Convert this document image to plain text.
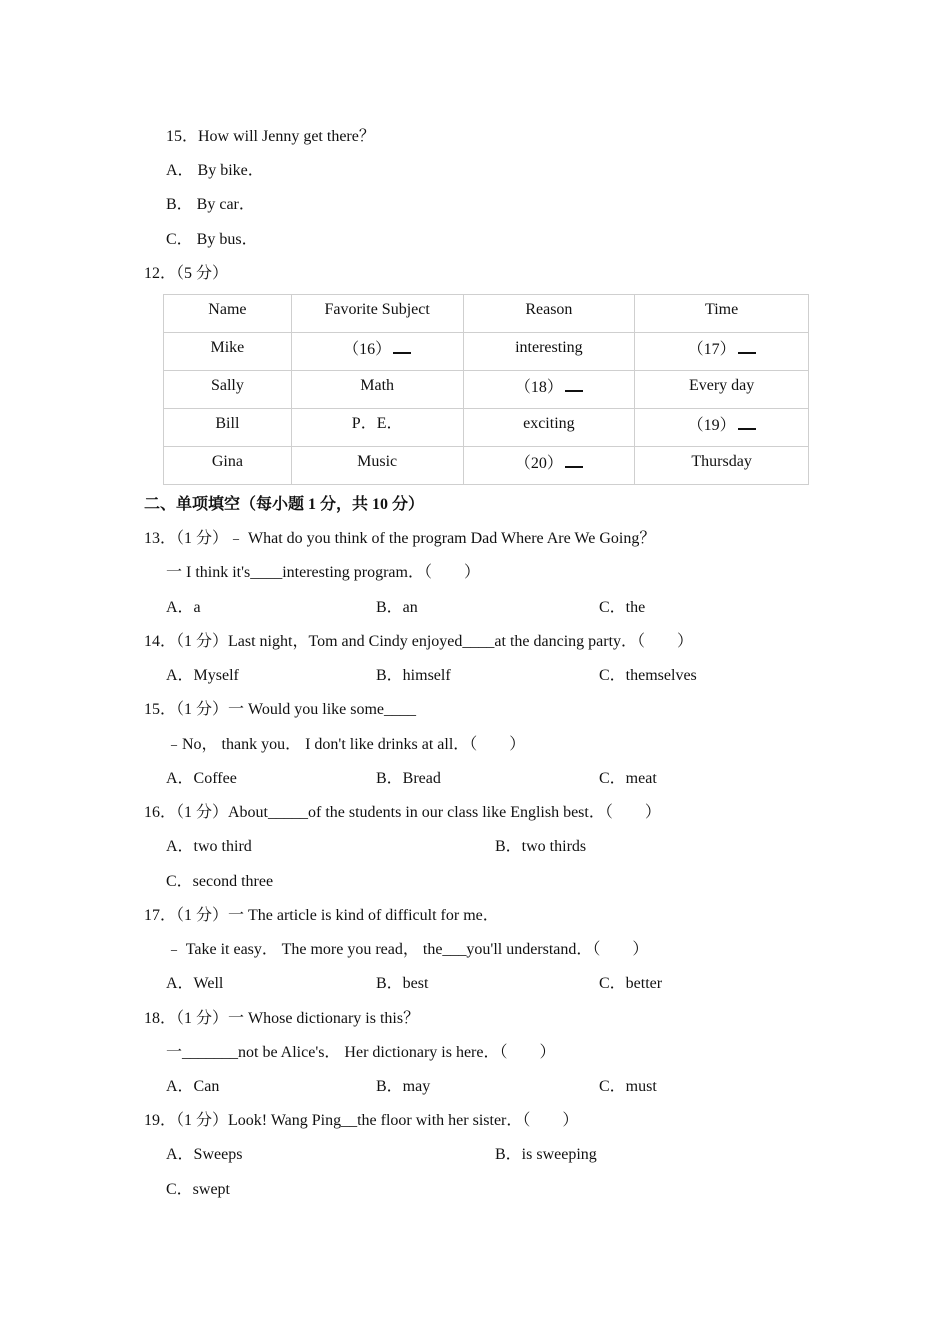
15．How will Jenny get there？
A． By bike．
B． By car．
C． By bus．
12．（5 分）
Name	Favorite Subject	Reason	Time
Mike	（16）	interesting	（17）
Sally	Math	（18）	Every day
Bill	P．E．	exciting	（19）
Gina	Music	（20）	Thursday
二、单项填空（每小题 1 分，共 10 分）
13．（1 分）﹣ What do you think of the program Dad Where Are We Going？
一 I think it's____interesting program．（　　）
A．a	B．an	C．the
14．（1 分）Last night，Tom and Cindy enjoyed____at the dancing party．（　　）
A．Myself	B．himself	C．themselves
15．（1 分）一 Would you like some____
﹣No， thank you． I don't like drinks at all．（　　）
A．Coffee	B．Bread	C．meat
16．（1 分）About_____of the students in our class like English best．（　　）
A．two third	B．two thirds
C．second three
17．（1 分）一 The article is kind of difficult for me．
﹣ Take it easy． The more you read， the___you'll understand．（　　）
A．Well	B．best	C．better
18．（1 分）一 Whose dictionary is this？
一_______not be Alice's． Her dictionary is here．（　　）
A．Can	B．may	C．must
19．（1 分）Look! Wang Ping__the floor with her sister．（　　）
A．Sweeps	B．is sweeping
C．swept
